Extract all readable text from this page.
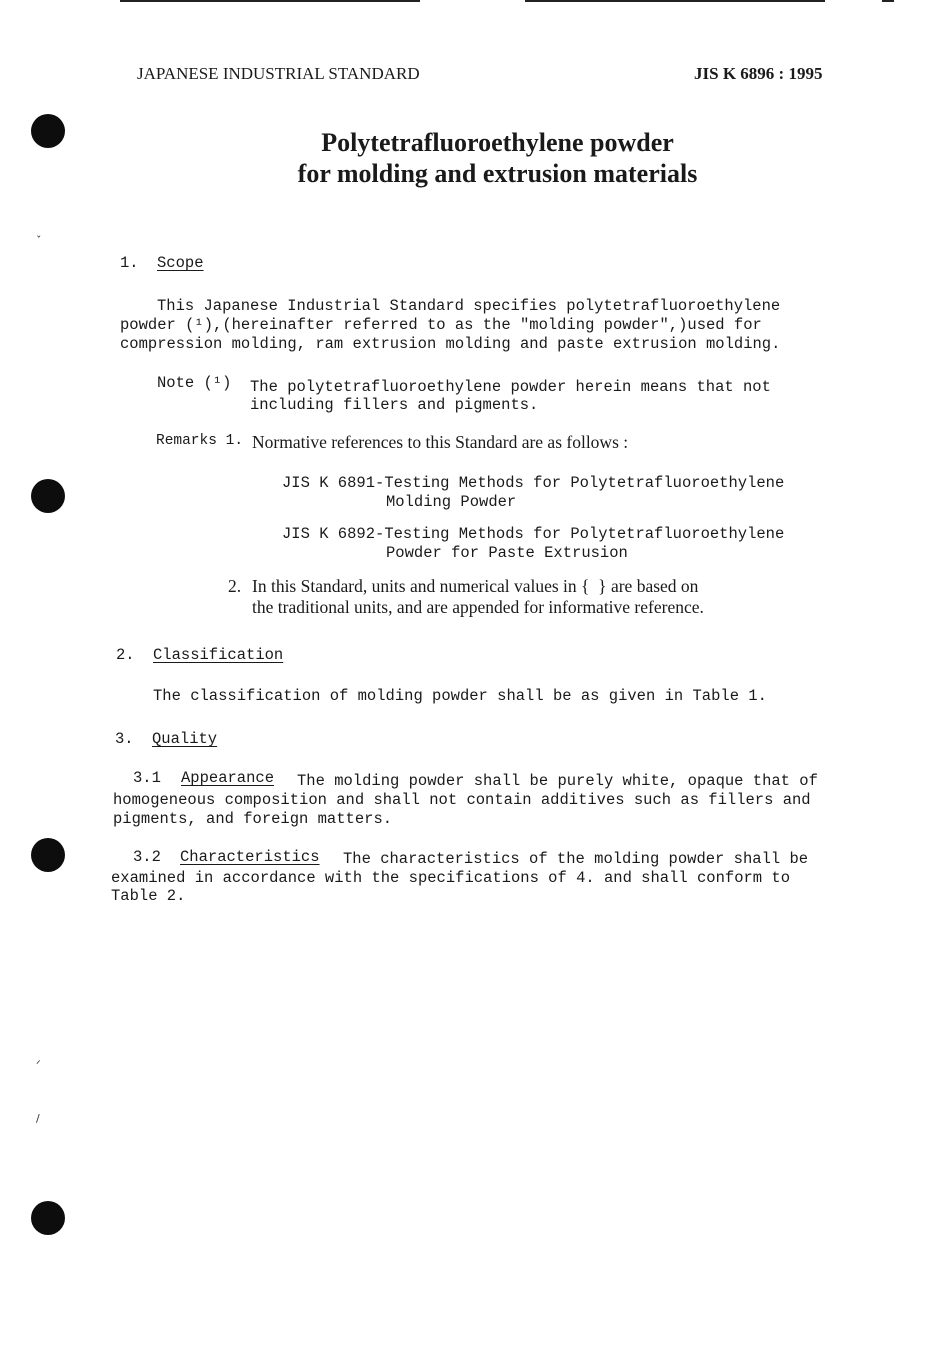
ˇ
ᐟ
/
JAPANESE INDUSTRIAL STANDARD	JIS K 6896 : 1995
Polytetrafluoroethylene powder
for molding and extrusion materials
1. Scope
This Japanese Industrial Standard specifies polytetrafluoroethylene
powder (¹),(hereinafter referred to as the "molding powder",)used for
compression molding, ram extrusion molding and paste extrusion molding.
Note (¹) The polytetrafluoroethylene powder herein means that not
including fillers and pigments.
Remarks 1. Normative references to this Standard are as follows :
JIS K 6891-Testing Methods for Polytetrafluoroethylene
Molding Powder
JIS K 6892-Testing Methods for Polytetrafluoroethylene
Powder for Paste Extrusion
2. In this Standard, units and numerical values in {  } are based on
the traditional units, and are appended for informative reference.
2. Classification
The classification of molding powder shall be as given in Table 1.
3. Quality
3.1 Appearance The molding powder shall be purely white, opaque that of
homogeneous composition and shall not contain additives such as fillers and
pigments, and foreign matters.
3.2 Characteristics The characteristics of the molding powder shall be
examined in accordance with the specifications of 4. and shall conform to
Table 2.
